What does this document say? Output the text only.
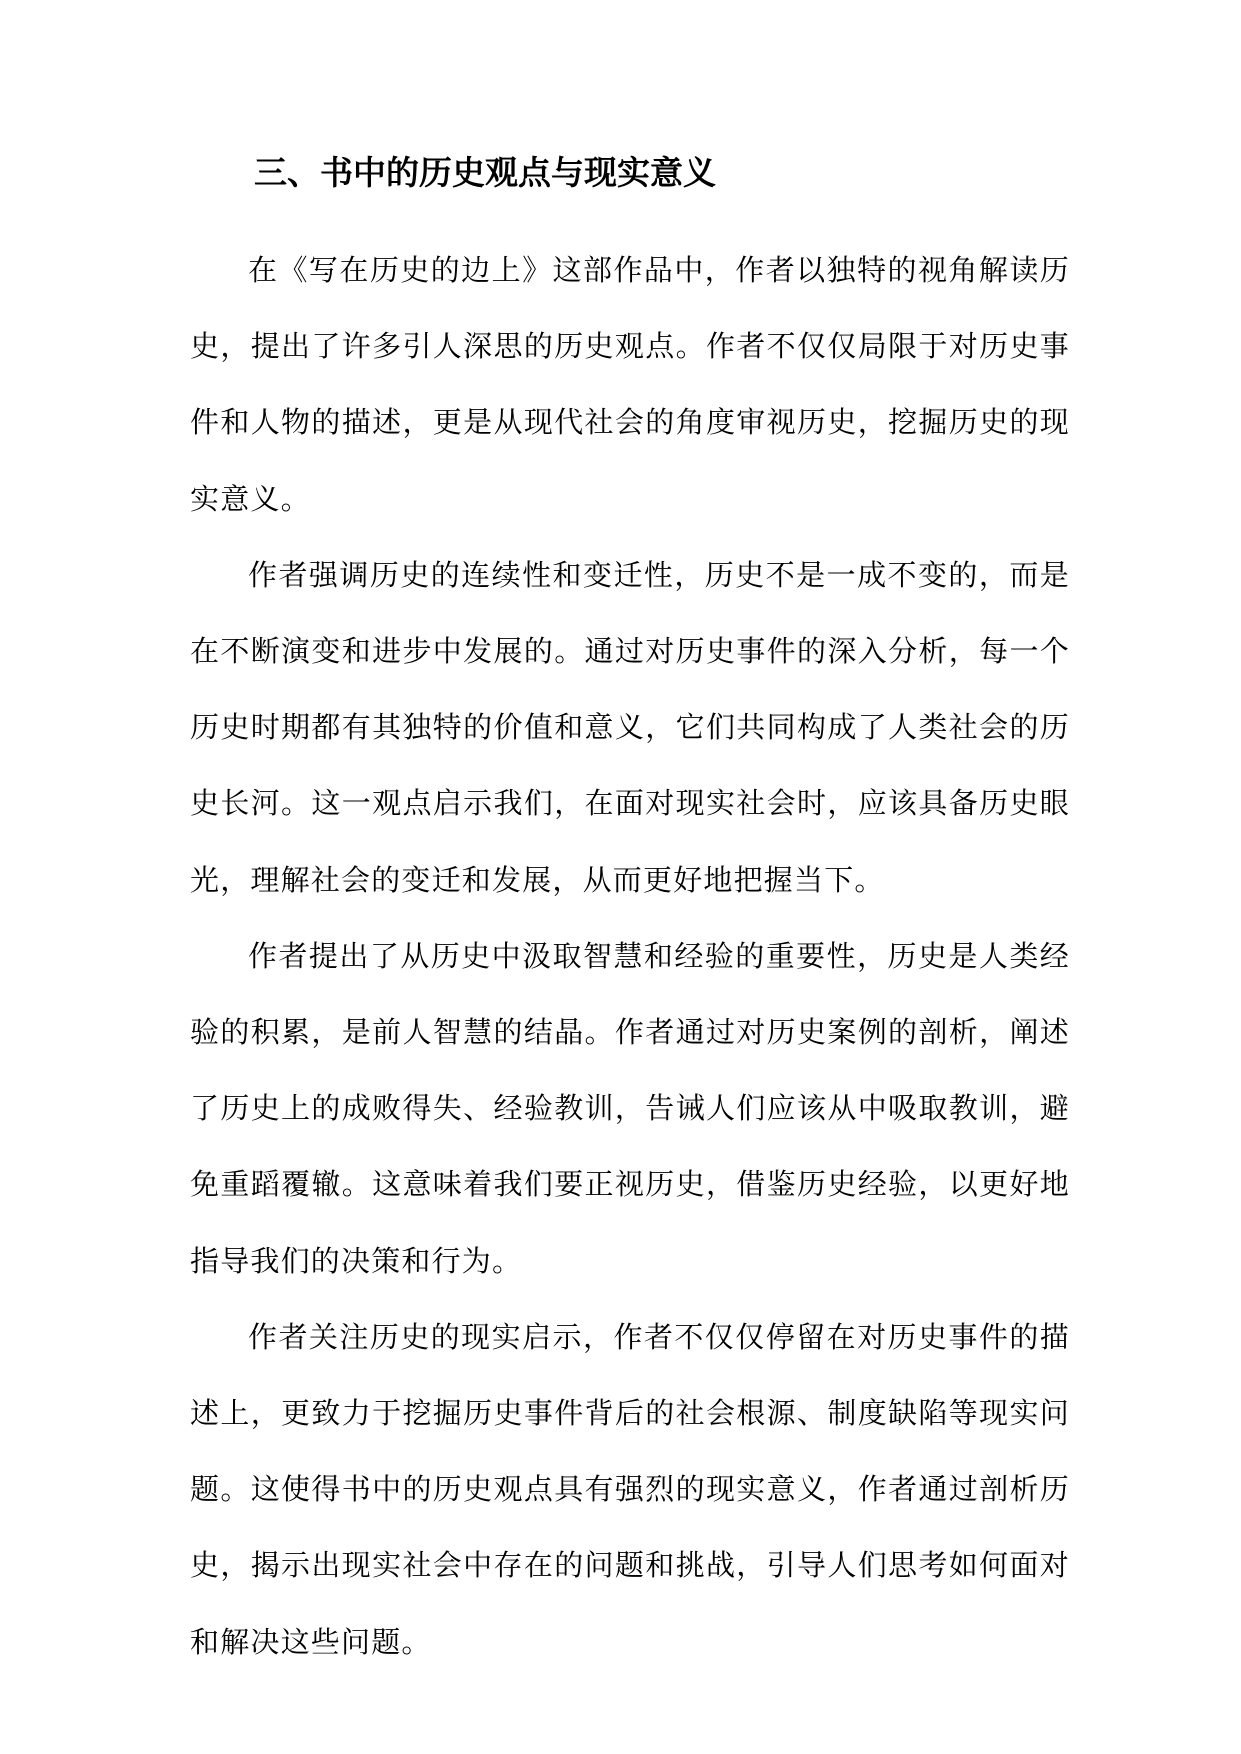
三、书中的历史观点与现实意义

在《写在历史的边上》这部作品中，作者以独特的视角解读历史，提出了许多引人深思的历史观点。作者不仅仅局限于对历史事件和人物的描述，更是从现代社会的角度审视历史，挖掘历史的现实意义。

作者强调历史的连续性和变迁性，历史不是一成不变的，而是在不断演变和进步中发展的。通过对历史事件的深入分析，每一个历史时期都有其独特的价值和意义，它们共同构成了人类社会的历史长河。这一观点启示我们，在面对现实社会时，应该具备历史眼光，理解社会的变迁和发展，从而更好地把握当下。

作者提出了从历史中汲取智慧和经验的重要性，历史是人类经验的积累，是前人智慧的结晶。作者通过对历史案例的剖析，阐述了历史上的成败得失、经验教训，告诫人们应该从中吸取教训，避免重蹈覆辙。这意味着我们要正视历史，借鉴历史经验，以更好地指导我们的决策和行为。

作者关注历史的现实启示，作者不仅仅停留在对历史事件的描述上，更致力于挖掘历史事件背后的社会根源、制度缺陷等现实问题。这使得书中的历史观点具有强烈的现实意义，作者通过剖析历史，揭示出现实社会中存在的问题和挑战，引导人们思考如何面对和解决这些问题。
